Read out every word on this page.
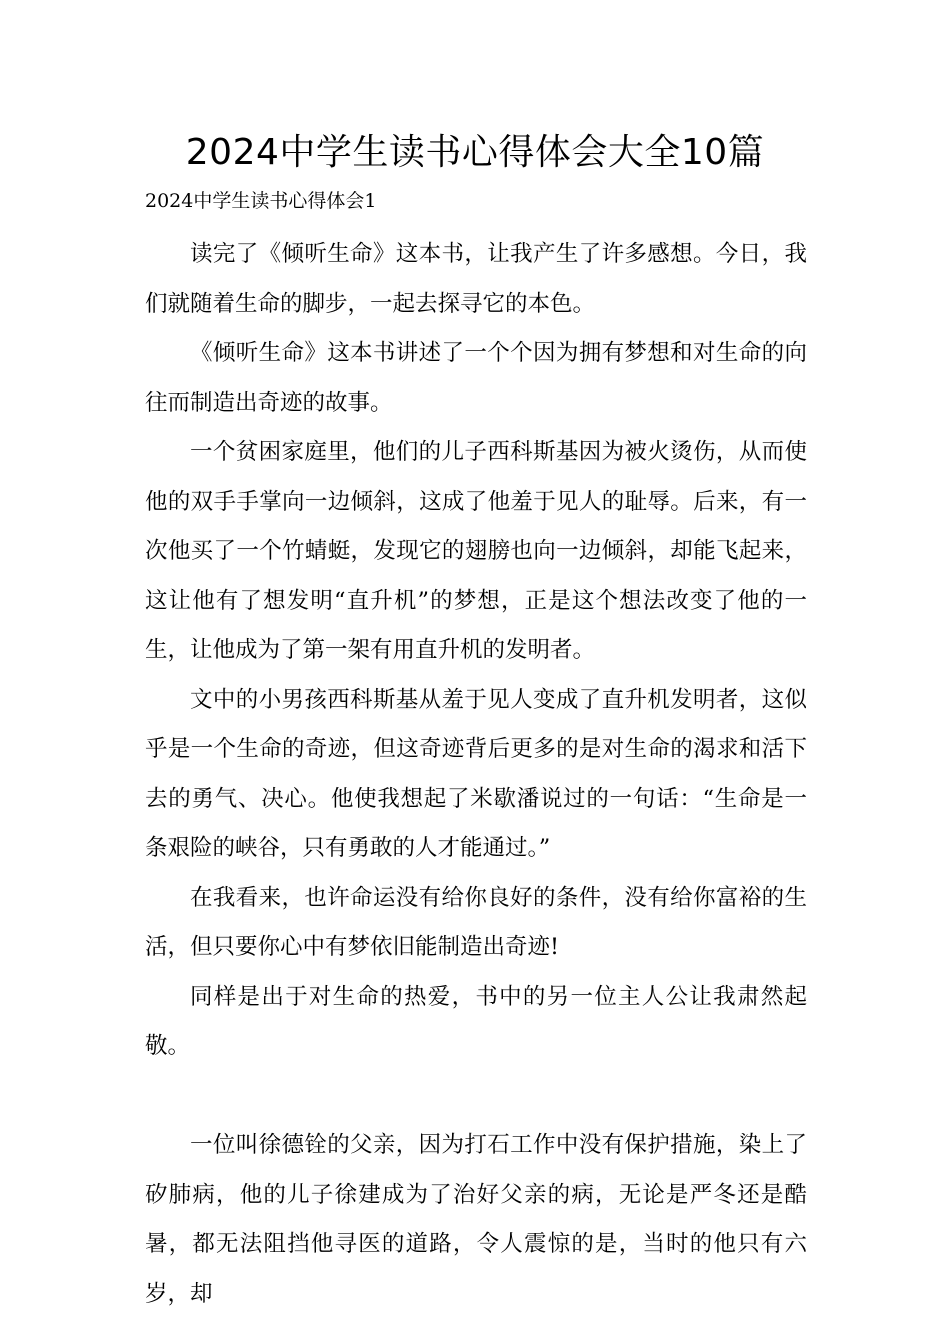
2024中学生读书心得体会大全10篇
2024中学生读书心得体会1

读完了《倾听生命》这本书，让我产生了许多感想。今日，我们就随着生命的脚步，一起去探寻它的本色。

《倾听生命》这本书讲述了一个个因为拥有梦想和对生命的向往而制造出奇迹的故事。

一个贫困家庭里，他们的儿子西科斯基因为被火烫伤，从而使他的双手手掌向一边倾斜，这成了他羞于见人的耻辱。后来，有一次他买了一个竹蜻蜓，发现它的翅膀也向一边倾斜，却能飞起来，这让他有了想发明“直升机”的梦想，正是这个想法改变了他的一生，让他成为了第一架有用直升机的发明者。

文中的小男孩西科斯基从羞于见人变成了直升机发明者，这似乎是一个生命的奇迹，但这奇迹背后更多的是对生命的渴求和活下去的勇气、决心。他使我想起了米歇潘说过的一句话：“生命是一条艰险的峡谷，只有勇敢的人才能通过。”

在我看来，也许命运没有给你良好的条件，没有给你富裕的生活，但只要你心中有梦依旧能制造出奇迹!

同样是出于对生命的热爱，书中的另一位主人公让我肃然起敬。

一位叫徐德铨的父亲，因为打石工作中没有保护措施，染上了矽肺病，他的儿子徐建成为了治好父亲的病，无论是严冬还是酷暑，都无法阻挡他寻医的道路，令人震惊的是，当时的他只有六岁，却
